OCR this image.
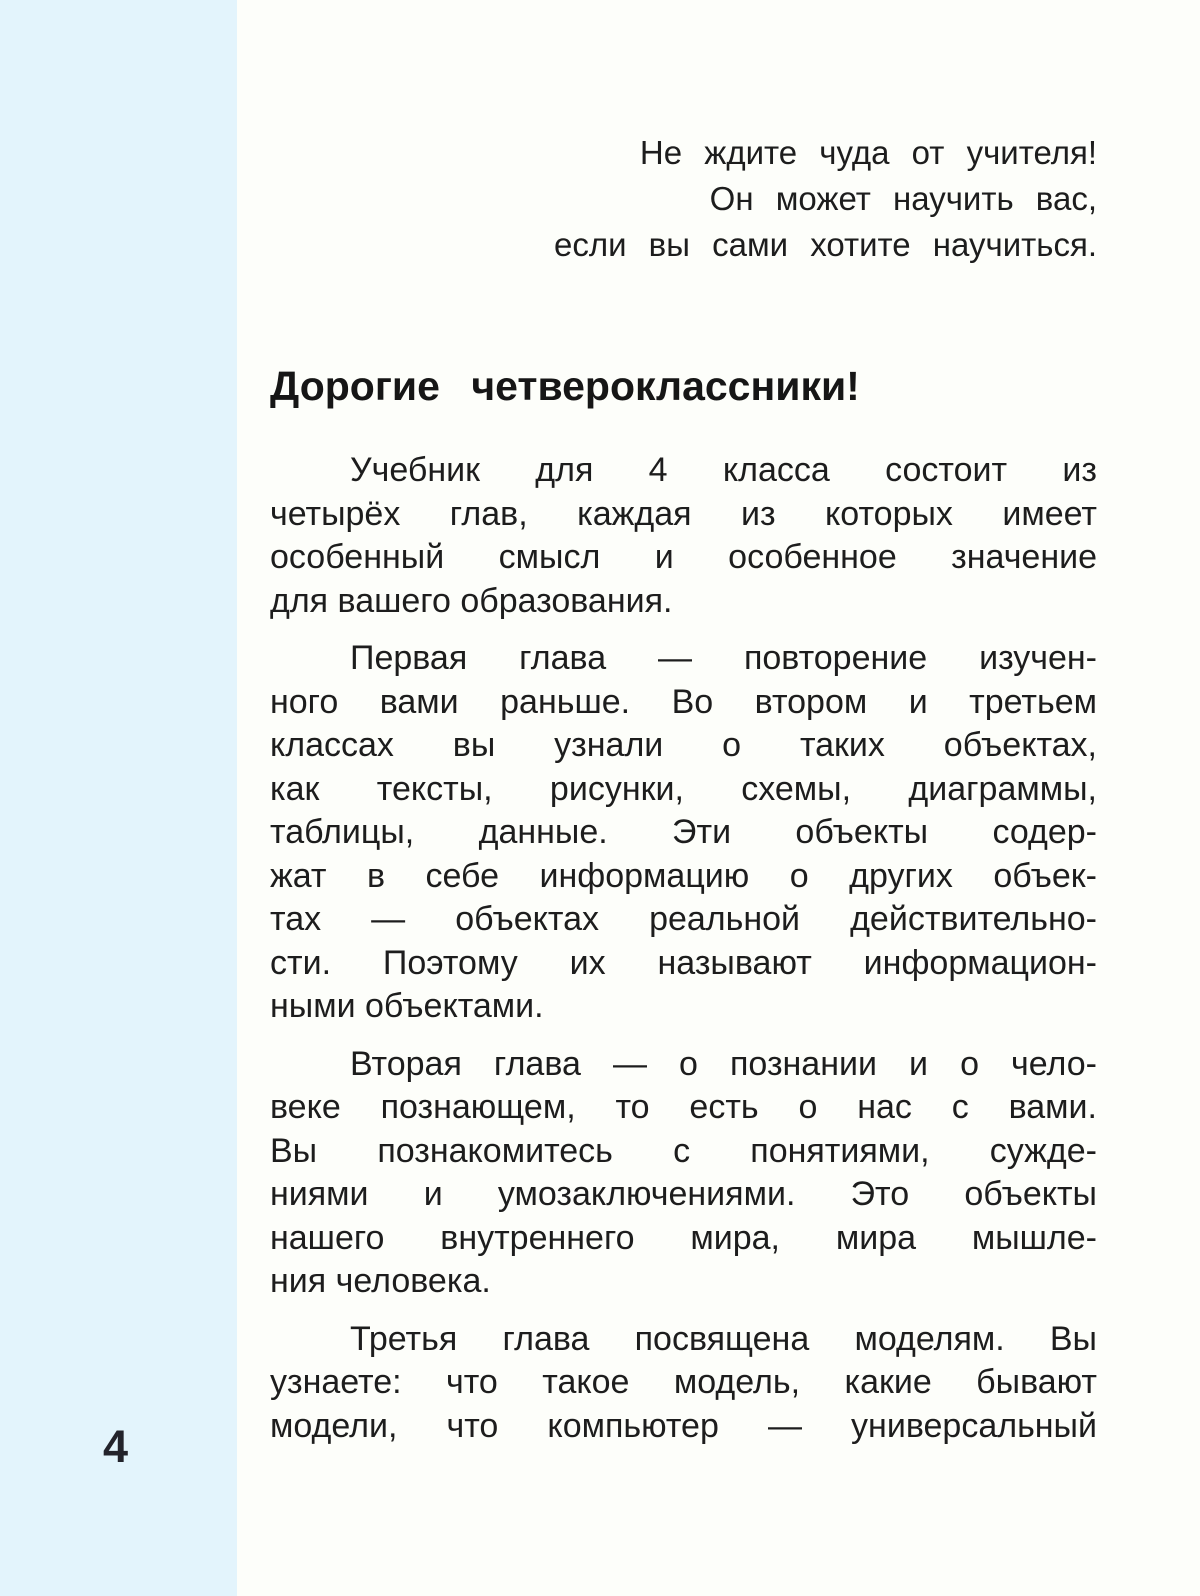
4
Не ждите чуда от учителя!
Он может научить вас,
если вы сами хотите научиться.
Дорогие четвероклассники!
Учебник для 4 класса состоит из
четырёх глав, каждая из которых имеет
особенный смысл и особенное значение
для вашего образования.
Первая глава — повторение изучен-
ного вами раньше. Во втором и третьем
классах вы узнали о таких объектах,
как тексты, рисунки, схемы, диаграммы,
таблицы, данные. Эти объекты содер-
жат в себе информацию о других объек-
тах — объектах реальной действительно-
сти. Поэтому их называют информацион-
ными объектами.
Вторая глава — о познании и о чело-
веке познающем, то есть о нас с вами.
Вы познакомитесь с понятиями, сужде-
ниями и умозаключениями. Это объекты
нашего внутреннего мира, мира мышле-
ния человека.
Третья глава посвящена моделям. Вы
узнаете: что такое модель, какие бывают
модели, что компьютер — универсальный
